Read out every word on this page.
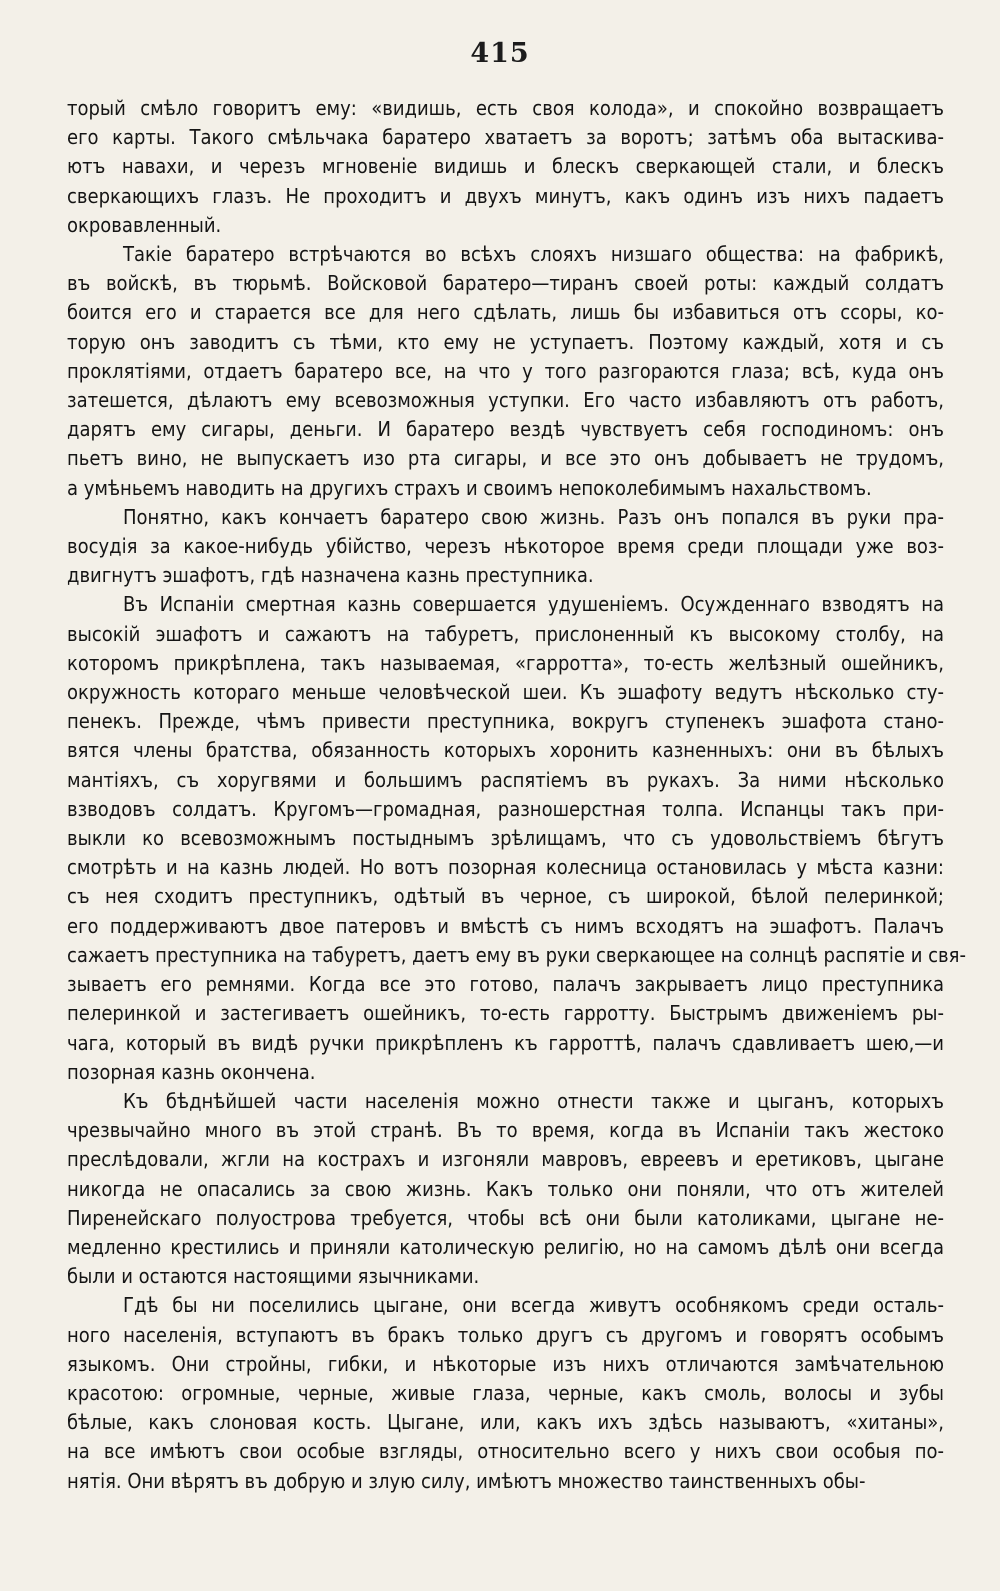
415
торый смѣло говоритъ ему: «видишь, есть своя колода», и спокойно возвращаетъ
его карты. Такого смѣльчака баратеро хватаетъ за воротъ; затѣмъ оба вытаскива-
ютъ навахи, и черезъ мгновеніе видишь и блескъ сверкающей стали, и блескъ
сверкающихъ глазъ. Не проходитъ и двухъ минутъ, какъ одинъ изъ нихъ падаетъ
окровавленный.
Такіе баратеро встрѣчаются во всѣхъ слояхъ низшаго общества: на фабрикѣ,
въ войскѣ, въ тюрьмѣ. Войсковой баратеро—тиранъ своей роты: каждый солдатъ
боится его и старается все для него сдѣлать, лишь бы избавиться отъ ссоры, ко-
торую онъ заводитъ съ тѣми, кто ему не уступаетъ. Поэтому каждый, хотя и съ
проклятіями, отдаетъ баратеро все, на что у того разгораются глаза; всѣ, куда онъ
затешется, дѣлаютъ ему всевозможныя уступки. Его часто избавляютъ отъ работъ,
дарятъ ему сигары, деньги. И баратеро вездѣ чувствуетъ себя господиномъ: онъ
пьетъ вино, не выпускаетъ изо рта сигары, и все это онъ добываетъ не трудомъ,
а умѣньемъ наводить на другихъ страхъ и своимъ непоколебимымъ нахальствомъ.
Понятно, какъ кончаетъ баратеро свою жизнь. Разъ онъ попался въ руки пра-
восудія за какое-нибудь убійство, черезъ нѣкоторое время среди площади уже воз-
двигнутъ эшафотъ, гдѣ назначена казнь преступника.
Въ Испаніи смертная казнь совершается удушеніемъ. Осужденнаго взводятъ на
высокій эшафотъ и сажаютъ на табуретъ, прислоненный къ высокому столбу, на
которомъ прикрѣплена, такъ называемая, «гарротта», то-есть желѣзный ошейникъ,
окружность котораго меньше человѣческой шеи. Къ эшафоту ведутъ нѣсколько сту-
пенекъ. Прежде, чѣмъ привести преступника, вокругъ ступенекъ эшафота стано-
вятся члены братства, обязанность которыхъ хоронить казненныхъ: они въ бѣлыхъ
мантіяхъ, съ хоругвями и большимъ распятіемъ въ рукахъ. За ними нѣсколько
взводовъ солдатъ. Кругомъ—громадная, разношерстная толпа. Испанцы такъ при-
выкли ко всевозможнымъ постыднымъ зрѣлищамъ, что съ удовольствіемъ бѣгутъ
смотрѣть и на казнь людей. Но вотъ позорная колесница остановилась у мѣста казни:
съ нея сходитъ преступникъ, одѣтый въ черное, съ широкой, бѣлой пелеринкой;
его поддерживаютъ двое патеровъ и вмѣстѣ съ нимъ всходятъ на эшафотъ. Палачъ
сажаетъ преступника на табуретъ, даетъ ему въ руки сверкающее на солнцѣ распятіе и свя-
зываетъ его ремнями. Когда все это готово, палачъ закрываетъ лицо преступника
пелеринкой и застегиваетъ ошейникъ, то-есть гарротту. Быстрымъ движеніемъ ры-
чага, который въ видѣ ручки прикрѣпленъ къ гарроттѣ, палачъ сдавливаетъ шею,—и
позорная казнь окончена.
Къ бѣднѣйшей части населенія можно отнести также и цыганъ, которыхъ
чрезвычайно много въ этой странѣ. Въ то время, когда въ Испаніи такъ жестоко
преслѣдовали, жгли на кострахъ и изгоняли мавровъ, евреевъ и еретиковъ, цыгане
никогда не опасались за свою жизнь. Какъ только они поняли, что отъ жителей
Пиренейскаго полуострова требуется, чтобы всѣ они были католиками, цыгане не-
медленно крестились и приняли католическую религію, но на самомъ дѣлѣ они всегда
были и остаются настоящими язычниками.
Гдѣ бы ни поселились цыгане, они всегда живутъ особнякомъ среди осталь-
ного населенія, вступаютъ въ бракъ только другъ съ другомъ и говорятъ особымъ
языкомъ. Они стройны, гибки, и нѣкоторые изъ нихъ отличаются замѣчательною
красотою: огромные, черные, живые глаза, черные, какъ смоль, волосы и зубы
бѣлые, какъ слоновая кость. Цыгане, или, какъ ихъ здѣсь называютъ, «хитаны»,
на все имѣютъ свои особые взгляды, относительно всего у нихъ свои особыя по-
нятія. Они вѣрятъ въ добрую и злую силу, имѣютъ множество таинственныхъ обы-
